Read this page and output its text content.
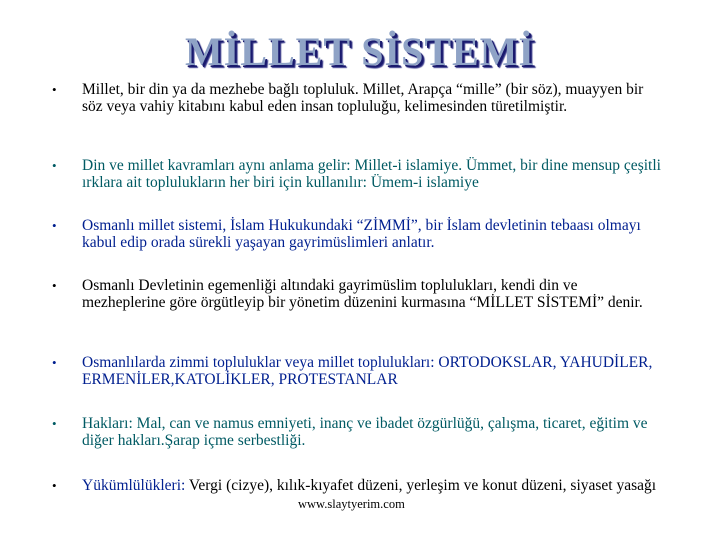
MİLLET SİSTEMİ
• Millet, bir din ya da mezhebe bağlı topluluk. Millet, Arapça “mille” (bir söz), muayyen bir söz veya vahiy kitabını kabul eden insan topluluğu, kelimesinden türetilmiştir.
• Din ve millet kavramları aynı anlama gelir: Millet-i islamiye. Ümmet, bir dine mensup çeşitli ırklara ait toplulukların her biri için kullanılır: Ümem-i islamiye
• Osmanlı millet sistemi, İslam Hukukundaki “ZİMMİ”, bir İslam devletinin tebaası olmayı kabul edip orada sürekli yaşayan gayrimüslimleri anlatır.
• Osmanlı Devletinin egemenliği altındaki gayrimüslim toplulukları, kendi din ve mezheplerine göre örgütleyip bir yönetim düzenini kurmasına “MİLLET SİSTEMİ” denir.
• Osmanlılarda zimmi topluluklar veya millet toplulukları: ORTODOKSLAR, YAHUDİLER, ERMENİLER,KATOLİKLER, PROTESTANLAR
• Hakları: Mal, can ve namus emniyeti, inanç ve ibadet özgürlüğü, çalışma, ticaret, eğitim ve diğer hakları.Şarap içme serbestliği.
• Yükümlülükleri: Vergi (cizye), kılık-kıyafet düzeni, yerleşim ve konut düzeni, siyaset yasağı
www.slaytyerim.com
